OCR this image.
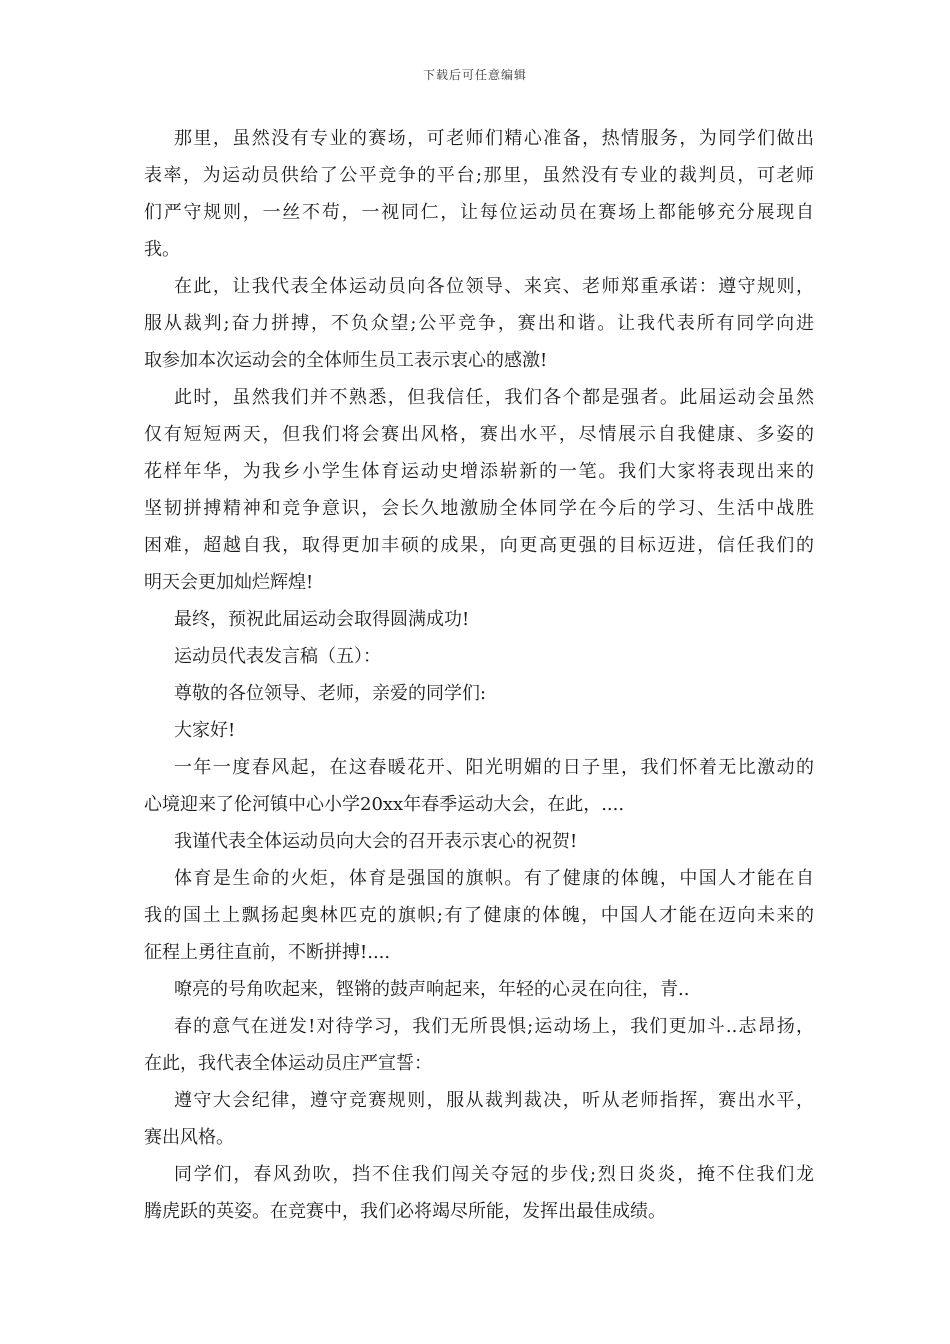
下载后可任意编辑

那里，虽然没有专业的赛场，可老师们精心准备，热情服务，为同学们做出
表率，为运动员供给了公平竞争的平台;那里，虽然没有专业的裁判员，可老师
们严守规则，一丝不苟，一视同仁，让每位运动员在赛场上都能够充分展现自
我。

在此，让我代表全体运动员向各位领导、来宾、老师郑重承诺：遵守规则，
服从裁判;奋力拼搏，不负众望;公平竞争，赛出和谐。让我代表所有同学向进
取参加本次运动会的全体师生员工表示衷心的感激!

此时，虽然我们并不熟悉，但我信任，我们各个都是强者。此届运动会虽然
仅有短短两天，但我们将会赛出风格，赛出水平，尽情展示自我健康、多姿的
花样年华，为我乡小学生体育运动史增添崭新的一笔。我们大家将表现出来的
坚韧拼搏精神和竞争意识，会长久地激励全体同学在今后的学习、生活中战胜
困难，超越自我，取得更加丰硕的成果，向更高更强的目标迈进，信任我们的
明天会更加灿烂辉煌!

最终，预祝此届运动会取得圆满成功!

运动员代表发言稿（五）：

尊敬的各位领导、老师，亲爱的同学们:

大家好!

一年一度春风起，在这春暖花开、阳光明媚的日子里，我们怀着无比激动的
心境迎来了伦河镇中心小学20xx年春季运动大会，在此，....

我谨代表全体运动员向大会的召开表示衷心的祝贺!

体育是生命的火炬，体育是强国的旗帜。有了健康的体魄，中国人才能在自
我的国土上飘扬起奥林匹克的旗帜;有了健康的体魄，中国人才能在迈向未来的
征程上勇往直前，不断拼搏!....

嘹亮的号角吹起来，铿锵的鼓声响起来，年轻的心灵在向往，青..

春的意气在迸发!对待学习，我们无所畏惧;运动场上，我们更加斗..志昂扬，
在此，我代表全体运动员庄严宣誓：

遵守大会纪律，遵守竞赛规则，服从裁判裁决，听从老师指挥，赛出水平，
赛出风格。

同学们，春风劲吹，挡不住我们闯关夺冠的步伐;烈日炎炎，掩不住我们龙
腾虎跃的英姿。在竞赛中，我们必将竭尽所能，发挥出最佳成绩。
